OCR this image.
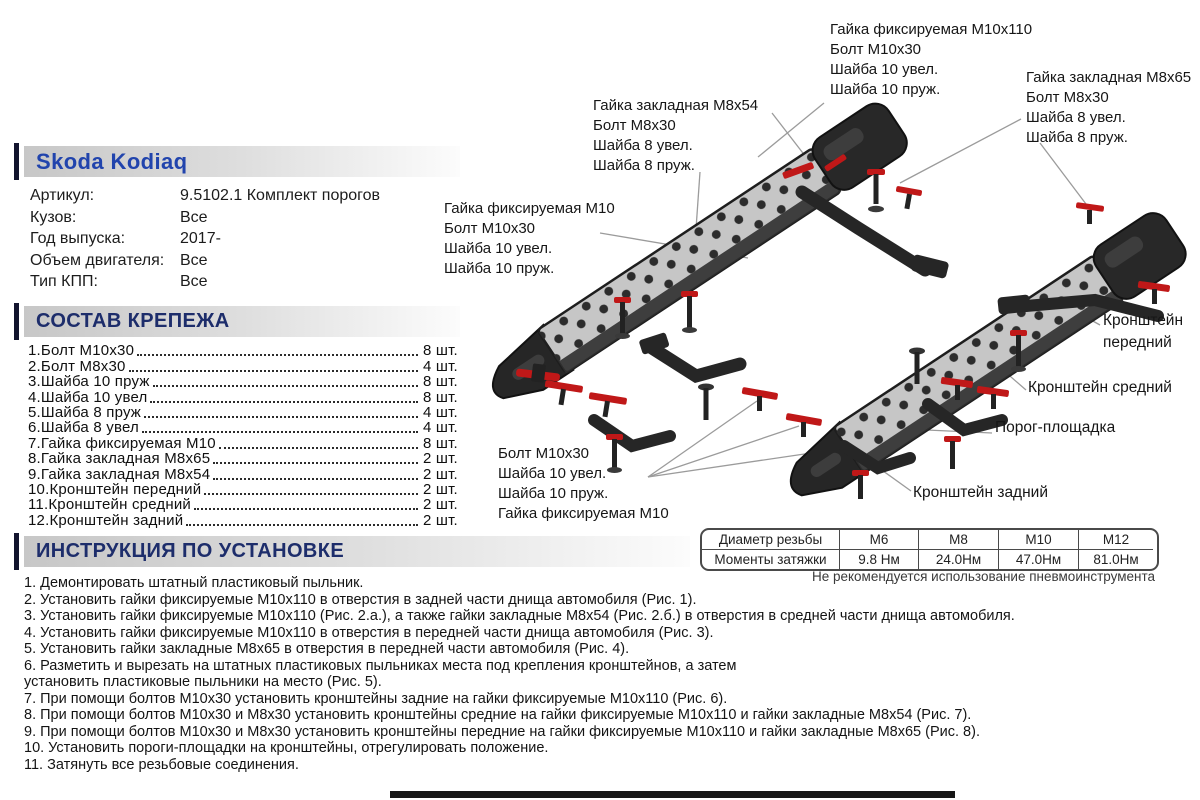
Skoda Kodiaq
Артикул:	9.5102.1 Комплект порогов
Кузов:	Все
Год выпуска:	2017-
Объем двигателя: Все
Тип КПП:	Все
СОСТАВ КРЕПЕЖА
1.Болт М10х30	8 шт.
2.Болт М8х30	4 шт.
3.Шайба 10 пруж	8 шт.
4.Шайба 10 увел	8 шт.
5.Шайба 8 пруж	4 шт.
6.Шайба 8 увел	4 шт.
7.Гайка фиксируемая М10	8 шт.
8.Гайка закладная М8х65	2 шт.
9.Гайка закладная М8х54	2 шт.
10.Кронштейн передний	2 шт.
11.Кронштейн средний	2 шт.
12.Кронштейн задний	2 шт.
ИНСТРУКЦИЯ ПО УСТАНОВКЕ
1. Демонтировать штатный пластиковый пыльник.
2. Установить гайки фиксируемые М10х110 в отверстия в задней части днища автомобиля (Рис. 1).
3. Установить гайки фиксируемые М10х110 (Рис. 2.а.), а также гайки закладные М8х54 (Рис. 2.б.) в отверстия в средней части днища автомобиля.
4. Установить гайки фиксируемые М10х110 в отверстия в передней части днища автомобиля (Рис. 3).
5. Установить гайки закладные М8х65 в отверстия в передней части автомобиля (Рис. 4).
6. Разметить и вырезать на штатных пластиковых пыльниках места под крепления кронштейнов, а затем
установить пластиковые пыльники на место (Рис. 5).
7. При помощи болтов М10х30 установить кронштейны задние на гайки фиксируемые М10х110 (Рис. 6).
8. При помощи болтов М10х30 и М8х30 установить кронштейны средние на гайки фиксируемые М10х110 и гайки закладные М8х54 (Рис. 7).
9. При помощи болтов М10х30 и М8х30 установить кронштейны передние на гайки фиксируемые М10х110 и гайки закладные М8х65 (Рис. 8).
10. Установить пороги-площадки на кронштейны, отрегулировать положение.
11. Затянуть все резьбовые соединения.
Диаметр резьбы	М6	М8	М10	М12
Моменты затяжки	9.8 Нм	24.0Нм	47.0Нм	81.0Нм
Не рекомендуется использование пневмоинструмента
Гайка фиксируемая М10х110
Болт М10х30
Шайба 10 увел.
Шайба 10 пруж.
Гайка закладная М8х65
Болт М8х30
Шайба 8 увел.
Шайба 8 пруж.
Гайка закладная М8х54
Болт М8х30
Шайба 8 увел.
Шайба 8 пруж.
Гайка фиксируемая М10
Болт М10х30
Шайба 10 увел.
Шайба 10 пруж.
Болт М10х30
Шайба 10 увел.
Шайба 10 пруж.
Гайка фиксируемая М10
Кронштейн
передний
Кронштейн средний
Порог-площадка
Кронштейн задний
